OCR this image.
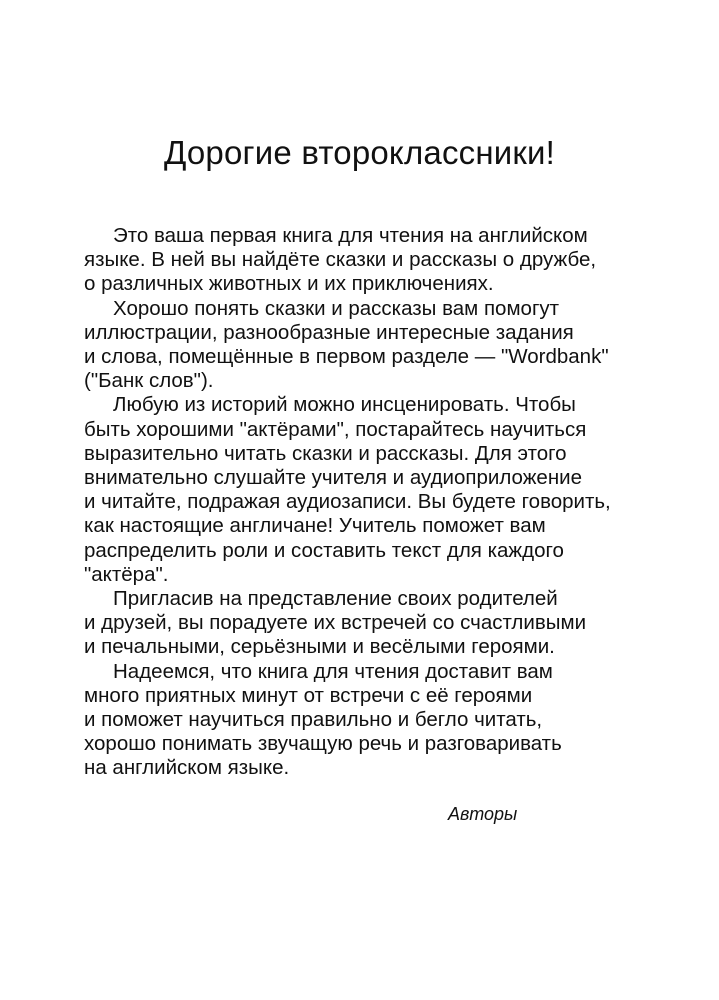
Дорогие второклассники!
Это ваша первая книга для чтения на английском
языке. В ней вы найдёте сказки и рассказы о дружбе,
о различных животных и их приключениях.
Хорошо понять сказки и рассказы вам помогут
иллюстрации, разнообразные интересные задания
и слова, помещённые в первом разделе — "Wordbank"
("Банк слов").
Любую из историй можно инсценировать. Чтобы
быть хорошими "актёрами", постарайтесь научиться
выразительно читать сказки и рассказы. Для этого
внимательно слушайте учителя и аудиоприложение
и читайте, подражая аудиозаписи. Вы будете говорить,
как настоящие англичане! Учитель поможет вам
распределить роли и составить текст для каждого
"актёра".
Пригласив на представление своих родителей
и друзей, вы порадуете их встречей со счастливыми
и печальными, серьёзными и весёлыми героями.
Надеемся, что книга для чтения доставит вам
много приятных минут от встречи с её героями
и поможет научиться правильно и бегло читать,
хорошо понимать звучащую речь и разговаривать
на английском языке.
Авторы
